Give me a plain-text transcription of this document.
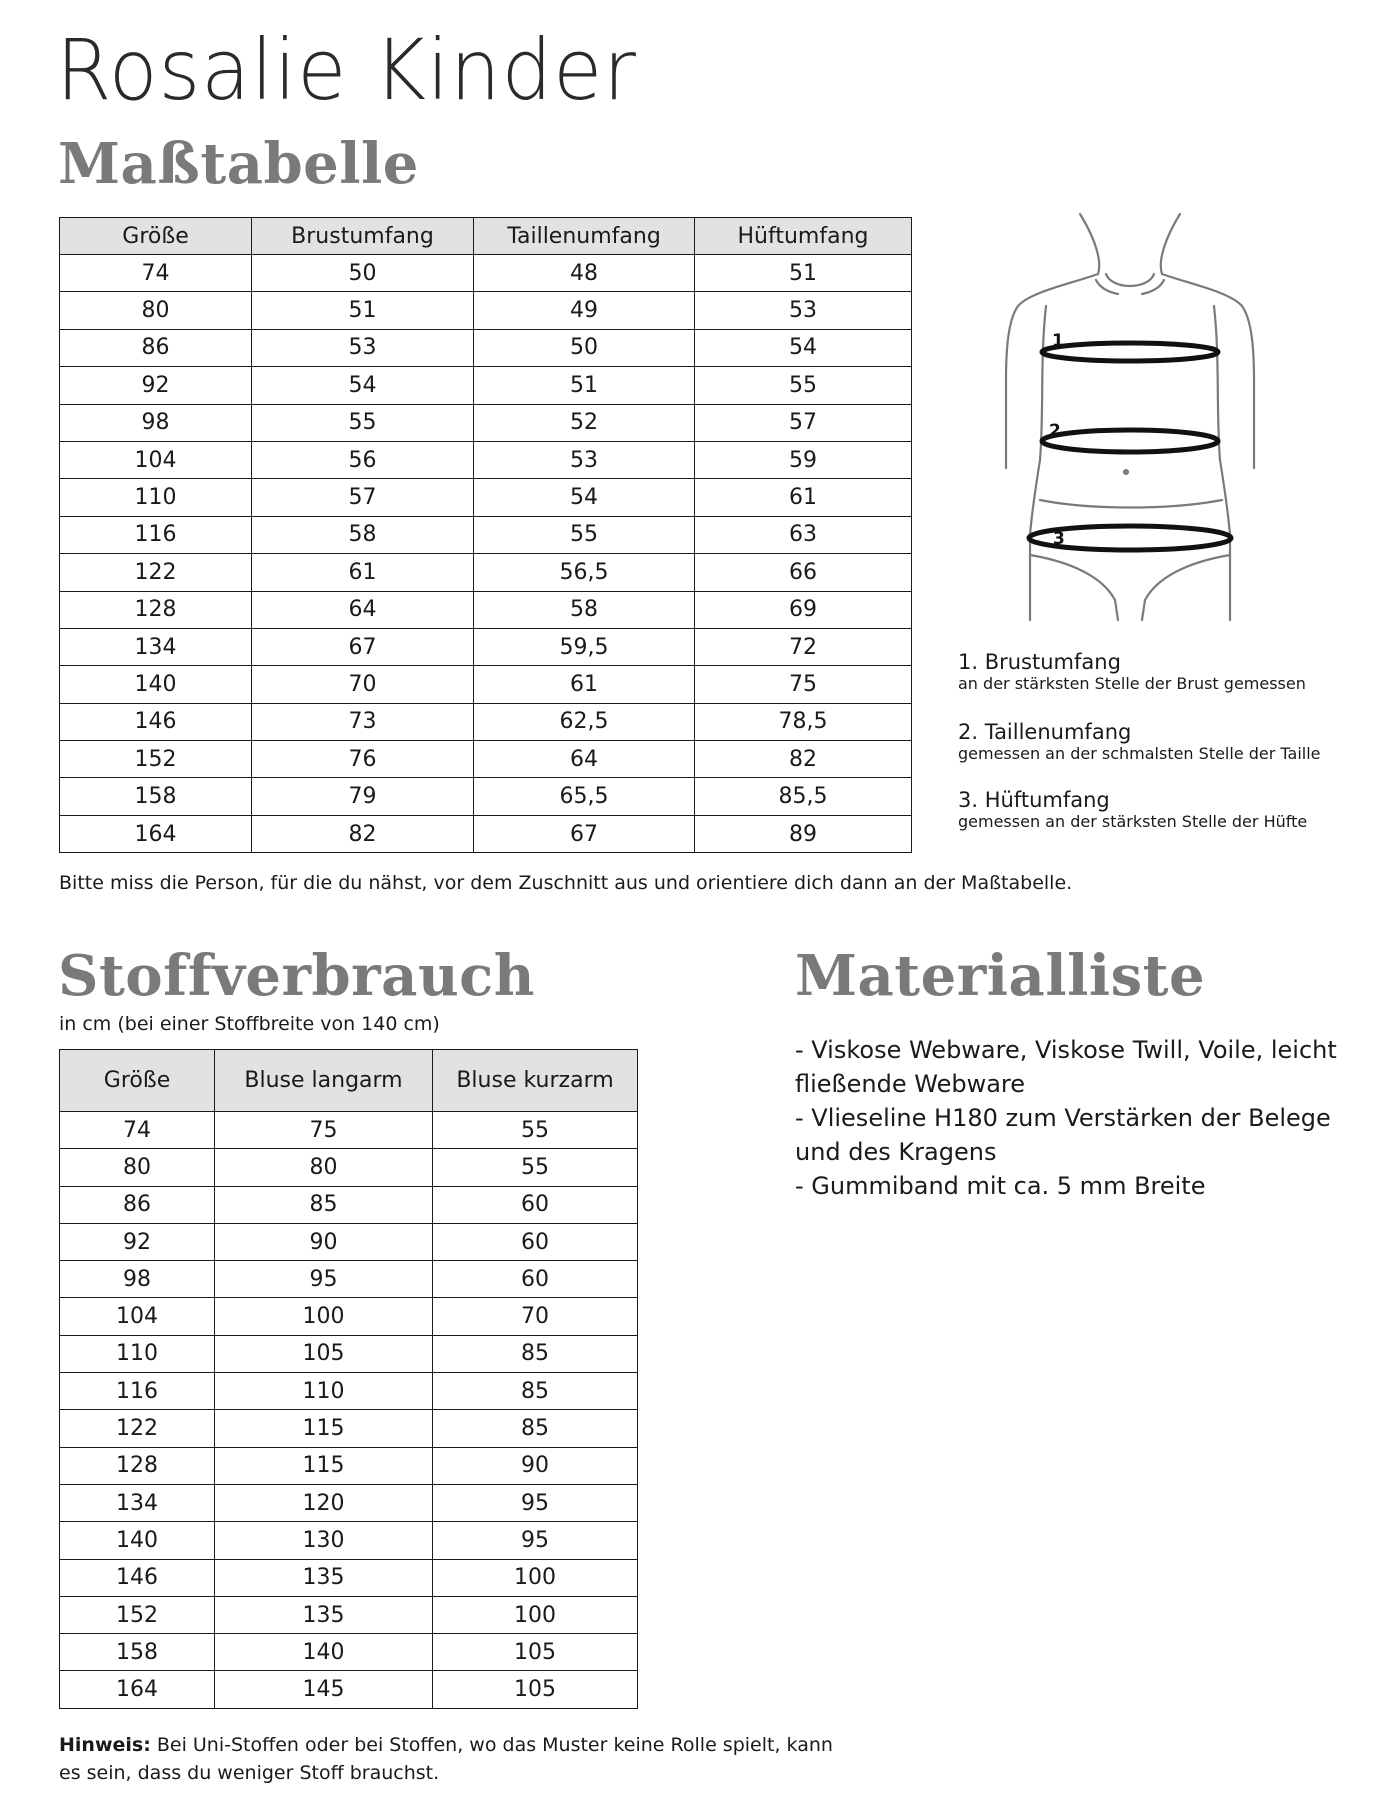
Rosalie Kinder
Maßtabelle
Größe	Brustumfang	Taillenumfang	Hüftumfang
74	50	48	51
80	51	49	53
86	53	50	54
92	54	51	55
98	55	52	57
104	56	53	59
110	57	54	61
116	58	55	63
122	61	56,5	66
128	64	58	69
134	67	59,5	72
140	70	61	75
146	73	62,5	78,5
152	76	64	82
158	79	65,5	85,5
164	82	67	89

Bitte miss die Person, für die du nähst, vor dem Zuschnitt aus und orientiere dich dann an der Maßtabelle.

1
2
3
1. Brustumfang
an der stärksten Stelle der Brust gemessen
2. Taillenumfang
gemessen an der schmalsten Stelle der Taille
3. Hüftumfang
gemessen an der stärksten Stelle der Hüfte
Stoffverbrauch

in cm (bei einer Stoffbreite von 140 cm)

Größe	Bluse langarm	Bluse kurzarm
74	75	55
80	80	55
86	85	60
92	90	60
98	95	60
104	100	70
110	105	85
116	110	85
122	115	85
128	115	90
134	120	95
140	130	95
146	135	100
152	135	100
158	140	105
164	145	105
Hinweis: Bei Uni-Stoffen oder bei Stoffen, wo das Muster keine Rolle spielt, kann
es sein, dass du weniger Stoff brauchst.
Materialliste

- Viskose Webware, Viskose Twill, Voile, leicht

fließende Webware

- Vlieseline H180 zum Verstärken der Belege

und des Kragens

- Gummiband mit ca. 5 mm Breite
